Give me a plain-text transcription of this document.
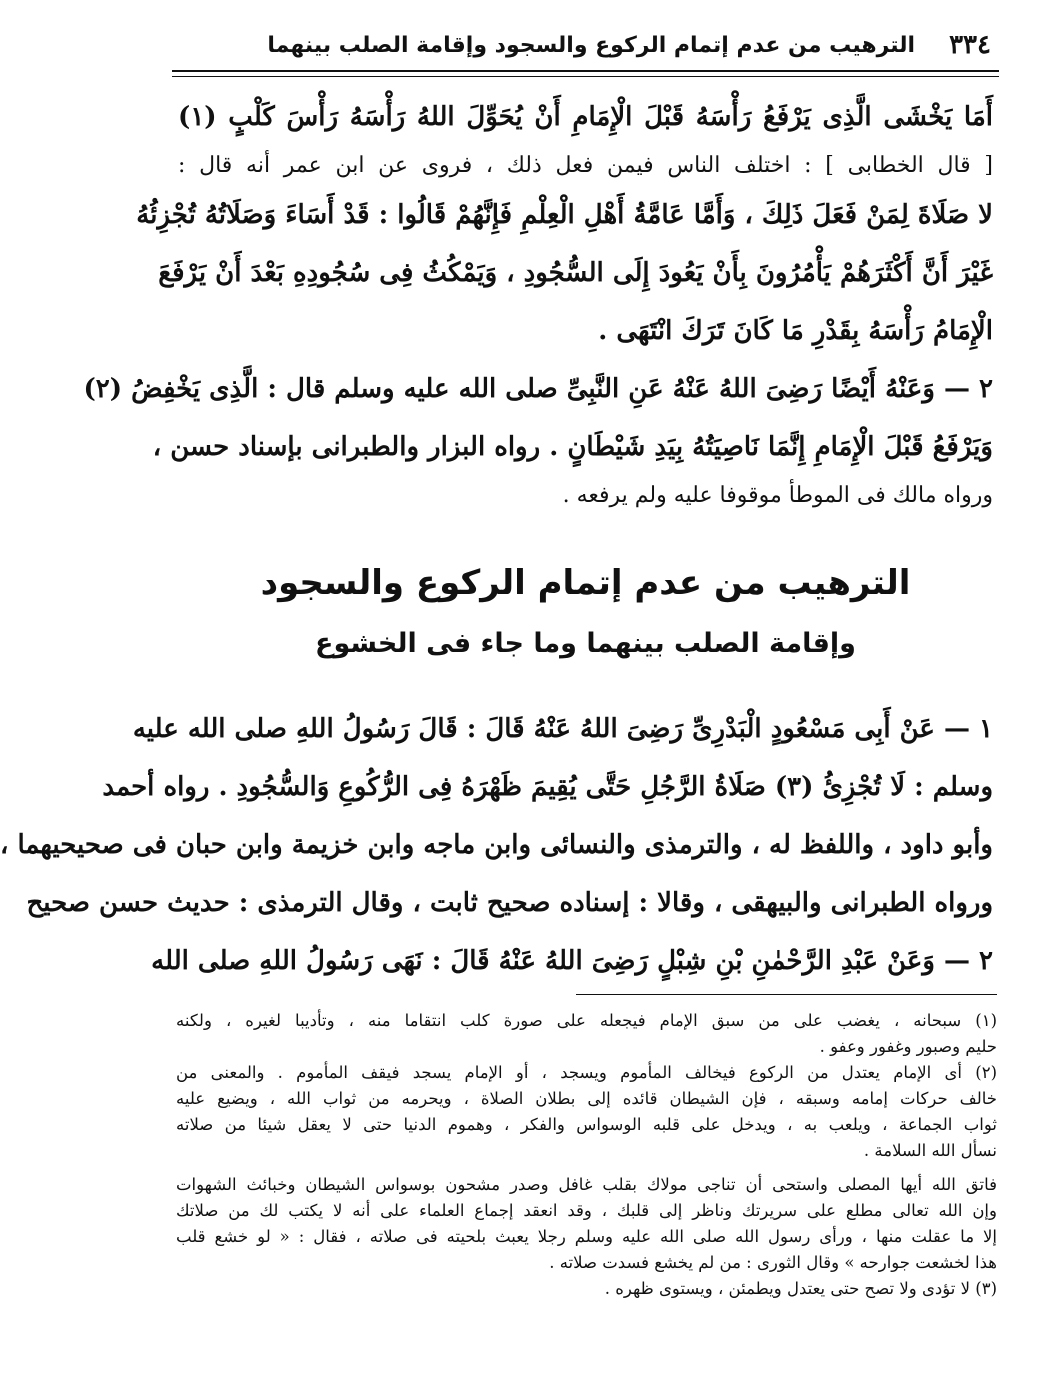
٣٣٤
الترهيب من عدم إتمام الركوع والسجود وإقامة الصلب بينهما
أَمَا يَخْشَى الَّذِى يَرْفَعُ رَأْسَهُ قَبْلَ الْإِمَامِ أَنْ يُحَوِّلَ اللهُ رَأْسَهُ رَأْسَ كَلْبٍ (١)
[ قال الخطابى ] : اختلف الناس فيمن فعل ذلك ، فروى عن ابن عمر أنه قال :
لا صَلَاةَ لِمَنْ فَعَلَ ذَلِكَ ، وَأَمَّا عَامَّةُ أَهْلِ الْعِلْمِ فَإِنَّهُمْ قَالُوا : قَدْ أَسَاءَ وَصَلَاتُهُ تُجْزِئُهُ
غَيْرَ أَنَّ أَكْثَرَهُمْ يَأْمُرُونَ بِأَنْ يَعُودَ إِلَى السُّجُودِ ، وَيَمْكُثُ فِى سُجُودِهِ بَعْدَ أَنْ يَرْفَعَ
الْإِمَامُ رَأْسَهُ بِقَدْرِ مَا كَانَ تَرَكَ انْتَهَى .
٢ — وَعَنْهُ أَيْضًا رَضِىَ اللهُ عَنْهُ عَنِ النَّبِىِّ صلى الله عليه وسلم قال : الَّذِى يَخْفِضُ (٢)
وَيَرْفَعُ قَبْلَ الْإِمَامِ إِنَّمَا نَاصِيَتُهُ بِيَدِ شَيْطَانٍ . رواه البزار والطبرانى بإسناد حسن ،
ورواه مالك فى الموطأ موقوفا عليه ولم يرفعه .
الترهيب من عدم إتمام الركوع والسجود
وإقامة الصلب بينهما وما جاء فى الخشوع
١ — عَنْ أَبِى مَسْعُودٍ الْبَدْرِىِّ رَضِىَ اللهُ عَنْهُ قَالَ : قَالَ رَسُولُ اللهِ صلى الله عليه
وسلم : لَا تُجْزِئُ (٣) صَلَاةُ الرَّجُلِ حَتَّى يُقِيمَ ظَهْرَهُ فِى الرُّكُوعِ وَالسُّجُودِ . رواه أحمد
وأبو داود ، واللفظ له ، والترمذى والنسائى وابن ماجه وابن خزيمة وابن حبان فى صحيحيهما ،
ورواه الطبرانى والبيهقى ، وقالا : إسناده صحيح ثابت ، وقال الترمذى : حديث حسن صحيح
٢ — وَعَنْ عَبْدِ الرَّحْمٰنِ بْنِ شِبْلٍ رَضِىَ اللهُ عَنْهُ قَالَ : نَهَى رَسُولُ اللهِ صلى الله
(١) سبحانه ، يغضب على من سبق الإمام فيجعله على صورة كلب انتقاما منه ، وتأديبا لغيره ، ولكنه
حليم وصبور وغفور وعفو .
(٢) أى الإمام يعتدل من الركوع فيخالف المأموم ويسجد ، أو الإمام يسجد فيقف المأموم . والمعنى من
خالف حركات إمامه وسبقه ، فإن الشيطان قائده إلى بطلان الصلاة ، ويحرمه من ثواب الله ، ويضيع عليه
ثواب الجماعة ، ويلعب به ، ويدخل على قلبه الوسواس والفكر ، وهموم الدنيا حتى لا يعقل شيئا من صلاته
نسأل الله السلامة .
فاتق الله أيها المصلى واستحى أن تناجى مولاك بقلب غافل وصدر مشحون بوسواس الشيطان وخبائث الشهوات
وإن الله تعالى مطلع على سريرتك وناظر إلى قلبك ، وقد انعقد إجماع العلماء على أنه لا يكتب لك من صلاتك
إلا ما عقلت منها ، ورأى رسول الله صلى الله عليه وسلم رجلا يعبث بلحيته فى صلاته ، فقال : « لو خشع قلب
هذا لخشعت جوارحه » وقال الثورى : من لم يخشع فسدت صلاته .
(٣) لا تؤدى ولا تصح حتى يعتدل ويطمئن ، ويستوى ظهره .
